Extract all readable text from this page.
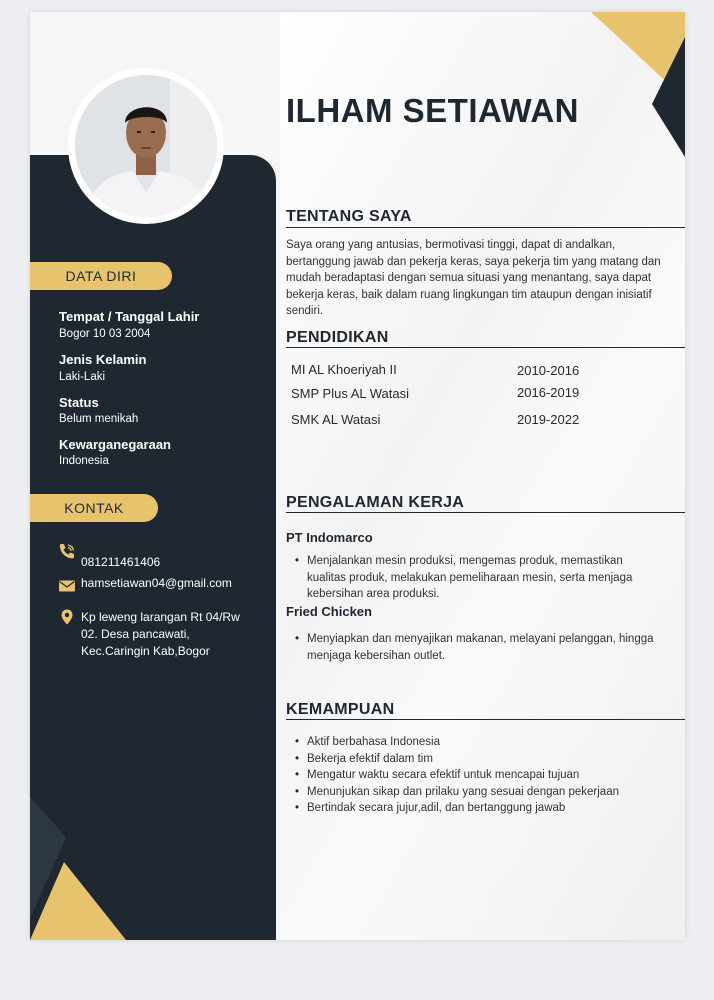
ILHAM SETIAWAN
TENTANG SAYA
Saya orang yang antusias, bermotivasi tinggi, dapat di andalkan, bertanggung jawab dan pekerja keras, saya pekerja tim yang matang dan mudah beradaptasi dengan semua situasi yang menantang, saya dapat bekerja keras, baik dalam ruang lingkungan tim ataupun dengan inisiatif sendiri.
PENDIDIKAN
MI AL Khoeriyah II	2010-2016
SMP Plus AL Watasi	2016-2019
SMK AL Watasi	2019-2022
PENGALAMAN KERJA
PT Indomarco
• Menjalankan mesin produksi, mengemas produk, memastikan kualitas produk, melakukan pemeliharaan mesin, serta menjaga kebersihan area produksi.
Fried Chicken
• Menyiapkan dan menyajikan makanan, melayani pelanggan, hingga menjaga kebersihan outlet.
KEMAMPUAN
• Aktif berbahasa Indonesia
• Bekerja efektif dalam tim
• Mengatur waktu secara efektif untuk mencapai tujuan
• Menunjukan sikap dan prilaku yang sesuai dengan pekerjaan
• Bertindak secara jujur,adil, dan bertanggung jawab
DATA DIRI
Tempat / Tanggal Lahir
Bogor 10 03 2004
Jenis Kelamin
Laki-Laki
Status
Belum menikah
Kewarganegaraan
Indonesia
KONTAK
081211461406
hamsetiawan04@gmail.com
Kp leweng larangan Rt 04/Rw
02. Desa pancawati,
Kec.Caringin Kab,Bogor
